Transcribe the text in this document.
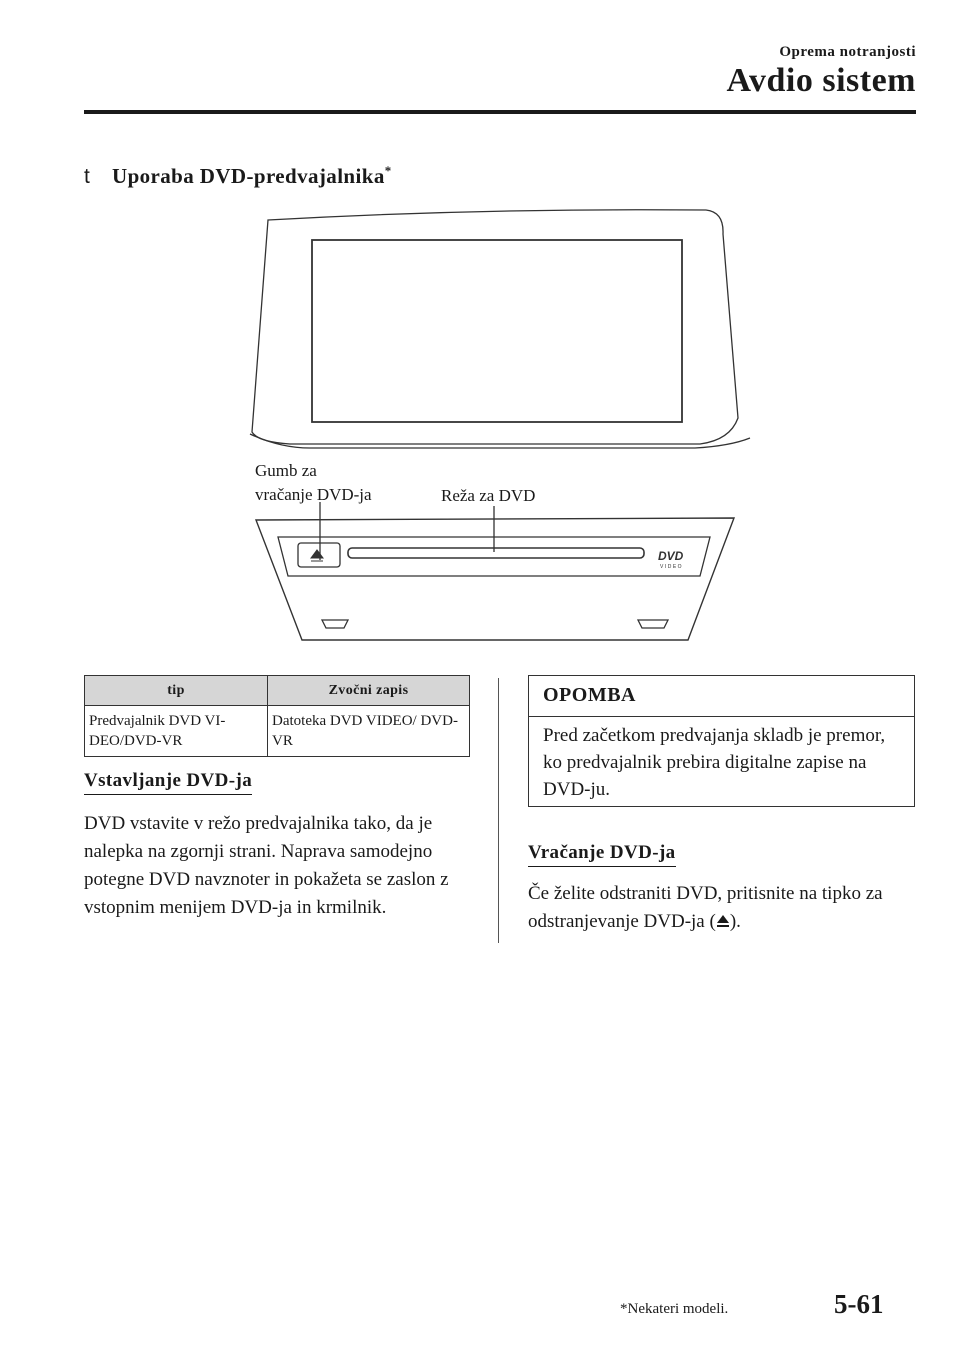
Oprema notranjosti
Avdio sistem
t Uporaba DVD-predvajalnika*
DVD
VIDEO
Gumb za
vračanje DVD-ja	Reža za DVD
tip	Zvočni zapis
Predvajalnik DVD VI-DEO/DVD-VR	Datoteka DVD VIDEO/ DVD-VR
Vstavljanje DVD-ja
DVD vstavite v režo predvajalnika tako, da je nalepka na zgornji strani. Naprava samodejno potegne DVD navznoter in pokažeta se zaslon z vstopnim menijem DVD-ja in krmilnik.
OPOMBA
Pred začetkom predvajanja skladb je premor, ko predvajalnik prebira digitalne zapise na DVD-ju.
Vračanje DVD-ja
Če želite odstraniti DVD, pritisnite na tipko za odstranjevanje DVD-ja ( ).
*Nekateri modeli.	5-61
